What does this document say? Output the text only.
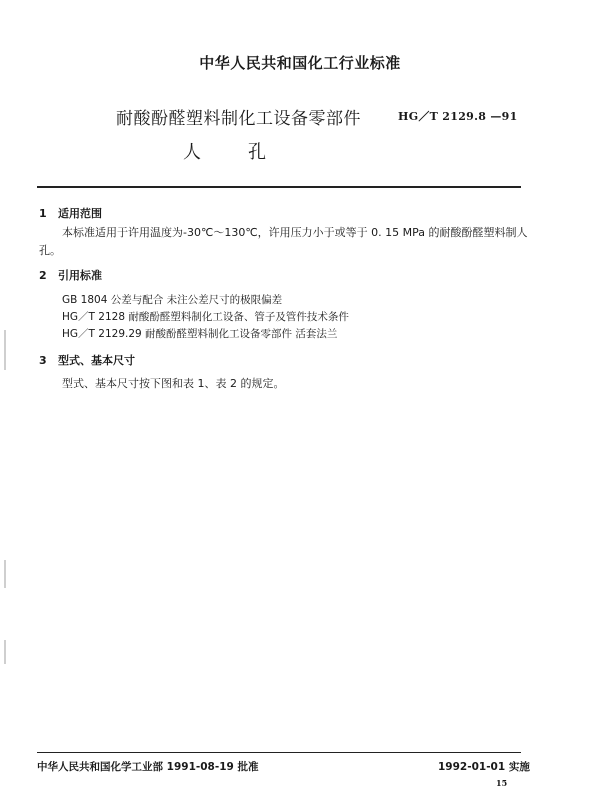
中华人民共和国化工行业标准
耐酸酚醛塑料制化工设备零部件	HG／T 2129.8 —91
人孔
1 适用范围
本标准适用于许用温度为-30℃～130℃，许用压力小于或等于 0. 15 MPa 的耐酸酚醛塑料制人
孔。
2 引用标准
GB 1804 公差与配合 未注公差尺寸的极限偏差
HG／T 2128 耐酸酚醛塑料制化工设备、管子及管件技术条件
HG／T 2129.29 耐酸酚醛塑料制化工设备零部件 活套法兰
3 型式、基本尺寸
型式、基本尺寸按下图和表 1、表 2 的规定。
中华人民共和国化学工业部 1991-08-19 批准	1992-01-01 实施
15
